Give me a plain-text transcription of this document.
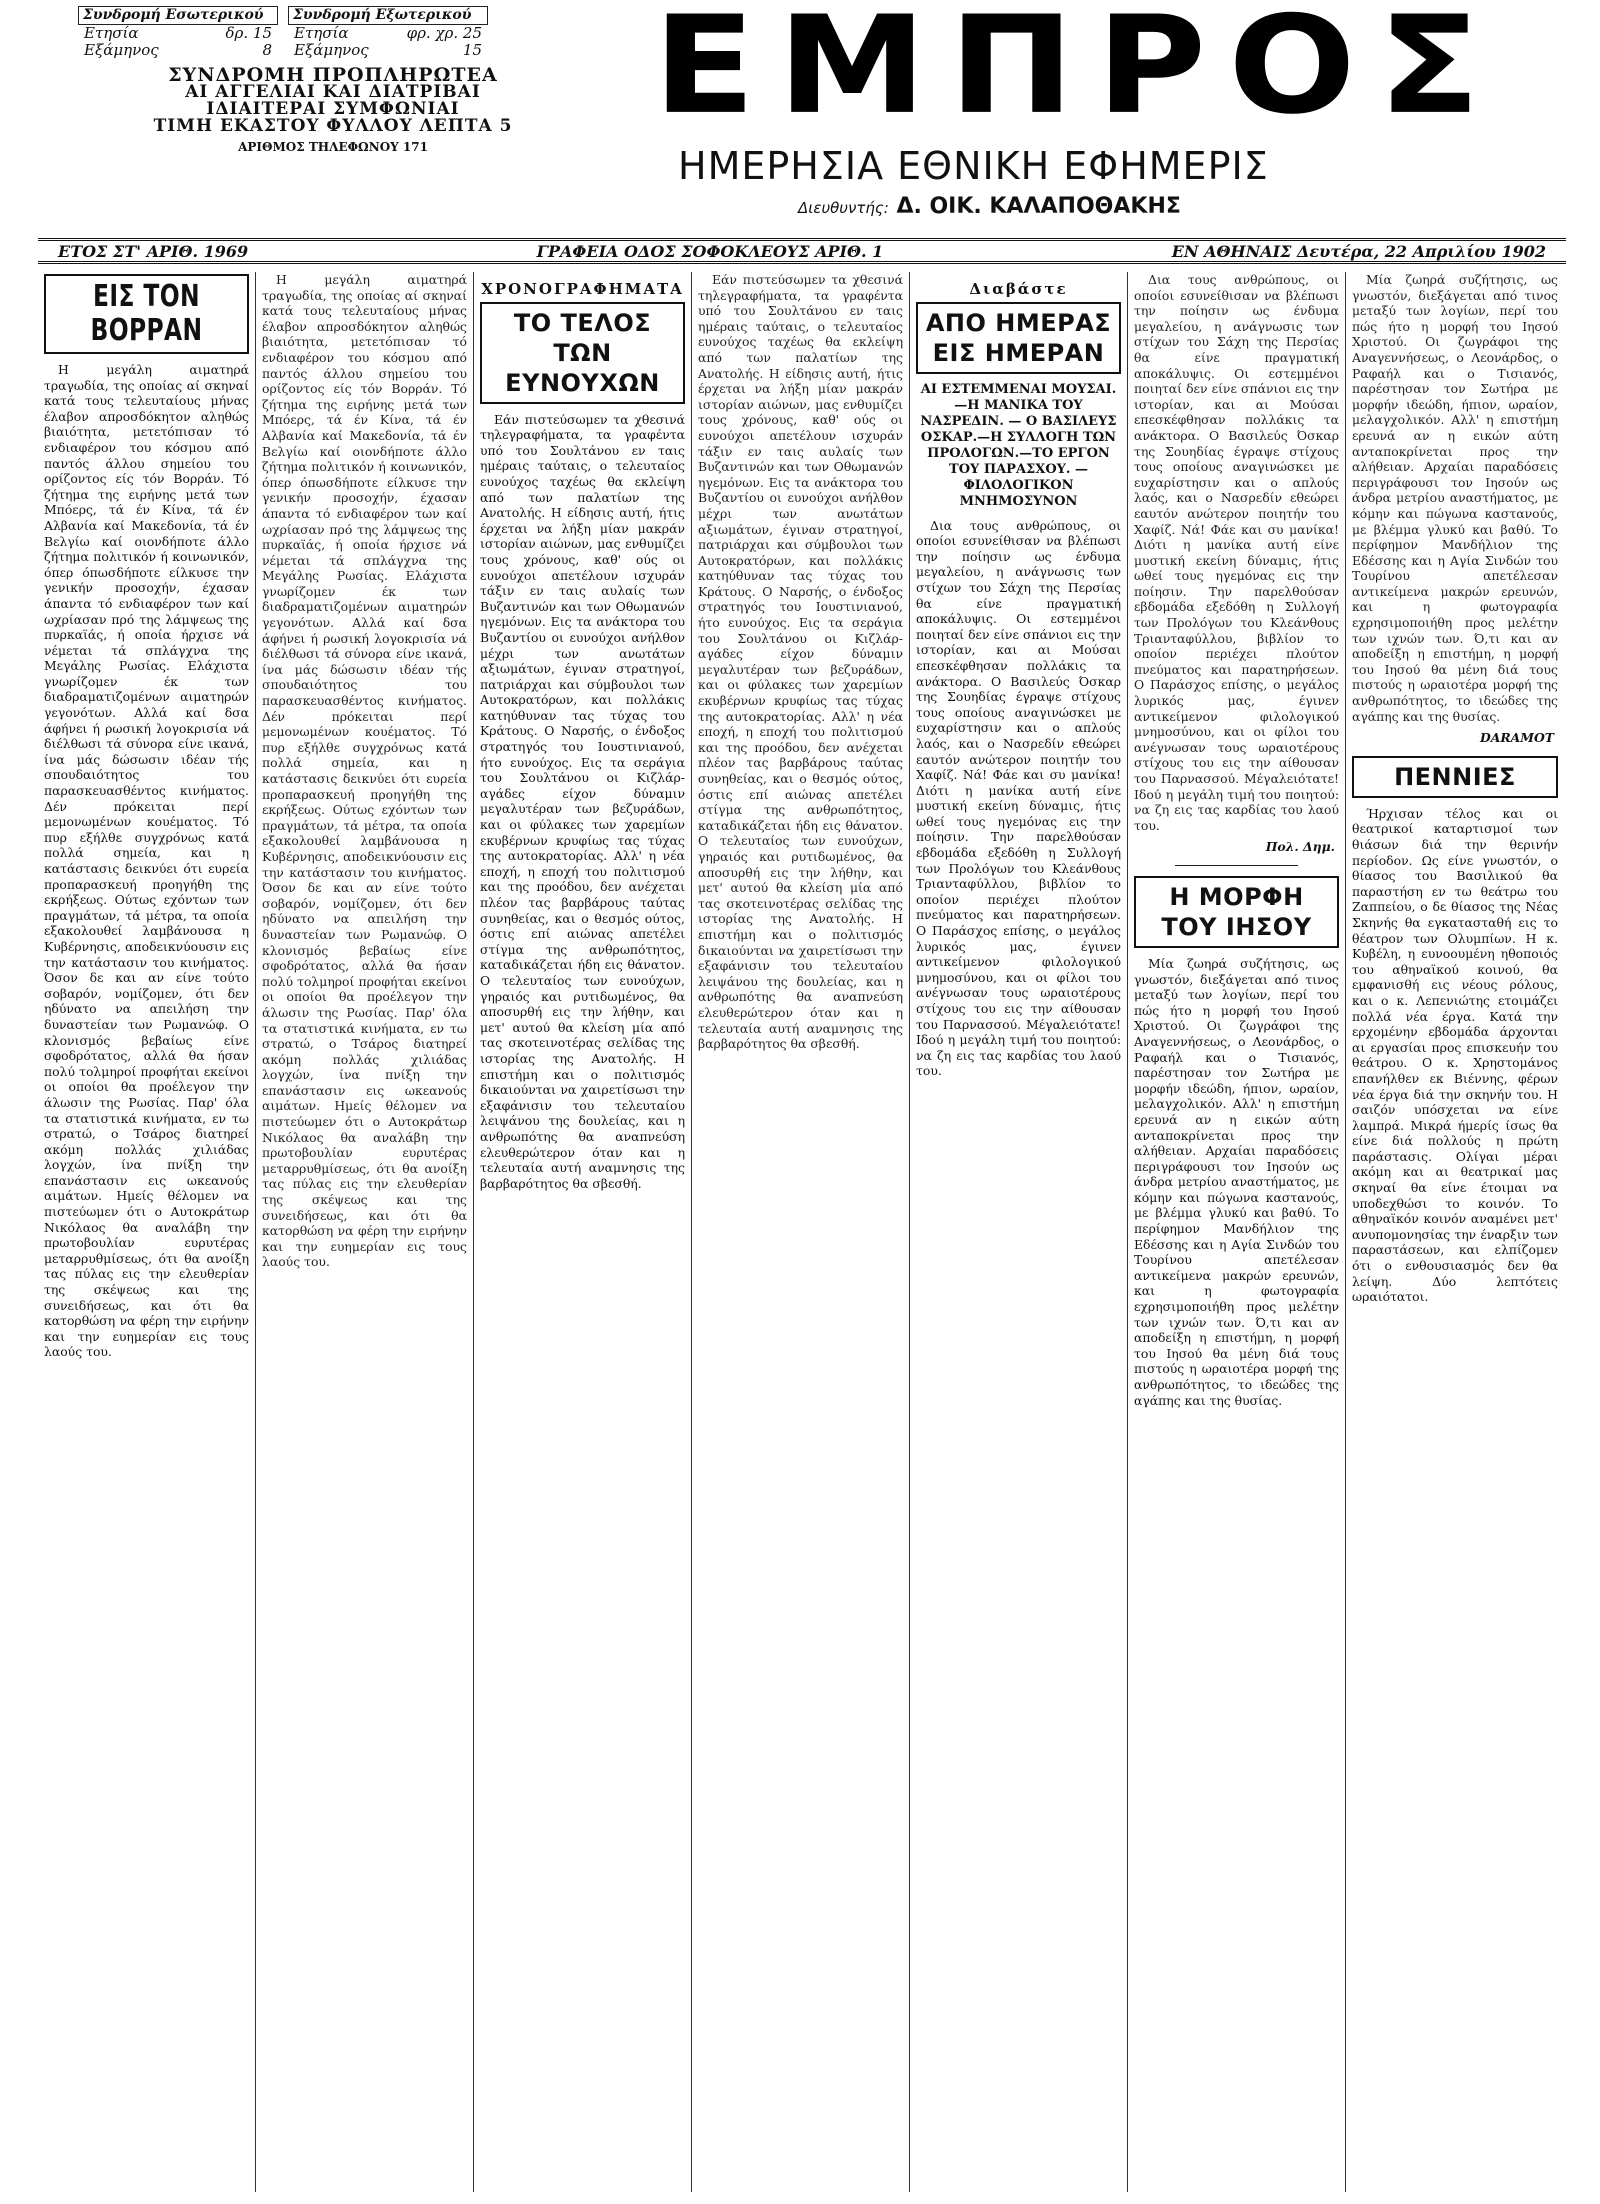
Συνδρομή Εσωτερικού
Ετησία	δρ. 15
Εξάμηνος	8
Συνδρομή Εξωτερικού
Ετησία	φρ. χρ. 25
Εξάμηνος	15
ΣΥΝΔΡΟΜΗ ΠΡΟΠΛΗΡΩΤΕΑ
ΑΙ ΑΓΓΕΛΙΑΙ ΚΑΙ ΔΙΑΤΡΙΒΑΙ
ΙΔΙΑΙΤΕΡΑΙ ΣΥΜΦΩΝΙΑΙ
ΤΙΜΗ ΕΚΑΣΤΟΥ ΦΥΛΛΟΥ ΛΕΠΤΑ 5
ΑΡΙΘΜΟΣ ΤΗΛΕΦΩΝΟΥ 171
ΕΜΠΡΟΣ
ΗΜΕΡΗΣΙΑ ΕΘΝΙΚΗ ΕΦΗΜΕΡΙΣ
Διευθυντής: Δ. ΟΙΚ. ΚΑΛΑΠΟΘΑΚΗΣ
ΕΤΟΣ ΣΤ' ΑΡΙΘ. 1969	ΓΡΑΦΕΙΑ ΟΔΟΣ ΣΟΦΟΚΛΕΟΥΣ ΑΡΙΘ. 1	ΕΝ ΑΘΗΝΑΙΣ Δευτέρα, 22 Απριλίου 1902
ΕΙΣ ΤΟΝ ΒΟΡΡΑΝ

Η μεγάλη αιματηρά τραγωδία, της οποίας αί σκηναί κατά τους τελευταίους μήνας έλαβον απροσδόκητον αληθώς βιαιότητα, μετετόπισαν τό ενδιαφέρον του κόσμου από παντός άλλου σημείου του ορίζοντος είς τόν Βορράν. Τό ζήτημα της ειρήνης μετά των Μπόερς, τά έν Κίνα, τά έν Αλβανία καί Μακεδονία, τά έν Βελγίω καί οιονδήποτε άλλο ζήτημα πολιτικόν ή κοινωνικόν, όπερ όπωσδήποτε είλκυσε την γενικήν προσοχήν, έχασαν άπαντα τό ενδιαφέρον των καί ωχρίασαν πρό της λάμψεως της πυρκαϊάς, ή οποία ήρχισε νά νέμεται τά σπλάγχνα της Μεγάλης Ρωσίας. Ελάχιστα γνωρίζομεν έκ των διαδραματιζομένων αιματηρών γεγονότων. Αλλά καί δσα άφήνει ή ρωσική λογοκρισία νά διέλθωσι τά σύνορα είνε ικανά, ίνα μάς δώσωσιν ιδέαν τής σπουδαιότητος του παρασκευασθέντος κινήματος. Δέν πρόκειται περί μεμονωμένων κουέματος. Τό πυρ εξήλθε συγχρόνως κατά πολλά σημεία, και η κατάστασις δεικνύει ότι ευρεία προπαρασκευή προηγήθη της εκρήξεως. Ούτως εχόντων των πραγμάτων, τά μέτρα, τα οποία εξακολουθεί λαμβάνουσα η Κυβέρνησις, αποδεικνύουσιν εις την κατάστασιν του κινήματος. Όσον δε και αν είνε τούτο σοβαρόν, νομίζομεν, ότι δεν ηδύνατο να απειλήση την δυναστείαν των Ρωμανώφ. Ο κλονισμός βεβαίως είνε σφοδρότατος, αλλά θα ήσαν πολύ τολμηροί προφήται εκείνοι οι οποίοι θα προέλεγον την άλωσιν της Ρωσίας. Παρ' όλα τα στατιστικά κινήματα, εν τω στρατώ, ο Τσάρος διατηρεί ακόμη πολλάς χιλιάδας λογχών, ίνα πνίξη την επανάστασιν εις ωκεανούς αιμάτων. Ημείς θέλομεν να πιστεύωμεν ότι ο Αυτοκράτωρ Νικόλαος θα αναλάβη την πρωτοβουλίαν ευρυτέρας μεταρρυθμίσεως, ότι θα ανοίξη τας πύλας εις την ελευθερίαν της σκέψεως και της συνειδήσεως, και ότι θα κατορθώση να φέρη την ειρήνην και την ευημερίαν εις τους λαούς του.

Η μεγάλη αιματηρά τραγωδία, της οποίας αί σκηναί κατά τους τελευταίους μήνας έλαβον απροσδόκητον αληθώς βιαιότητα, μετετόπισαν τό ενδιαφέρον του κόσμου από παντός άλλου σημείου του ορίζοντος είς τόν Βορράν. Τό ζήτημα της ειρήνης μετά των Μπόερς, τά έν Κίνα, τά έν Αλβανία καί Μακεδονία, τά έν Βελγίω καί οιονδήποτε άλλο ζήτημα πολιτικόν ή κοινωνικόν, όπερ όπωσδήποτε είλκυσε την γενικήν προσοχήν, έχασαν άπαντα τό ενδιαφέρον των καί ωχρίασαν πρό της λάμψεως της πυρκαϊάς, ή οποία ήρχισε νά νέμεται τά σπλάγχνα της Μεγάλης Ρωσίας. Ελάχιστα γνωρίζομεν έκ των διαδραματιζομένων αιματηρών γεγονότων. Αλλά καί δσα άφήνει ή ρωσική λογοκρισία νά διέλθωσι τά σύνορα είνε ικανά, ίνα μάς δώσωσιν ιδέαν τής σπουδαιότητος του παρασκευασθέντος κινήματος. Δέν πρόκειται περί μεμονωμένων κουέματος. Τό πυρ εξήλθε συγχρόνως κατά πολλά σημεία, και η κατάστασις δεικνύει ότι ευρεία προπαρασκευή προηγήθη της εκρήξεως. Ούτως εχόντων των πραγμάτων, τά μέτρα, τα οποία εξακολουθεί λαμβάνουσα η Κυβέρνησις, αποδεικνύουσιν εις την κατάστασιν του κινήματος. Όσον δε και αν είνε τούτο σοβαρόν, νομίζομεν, ότι δεν ηδύνατο να απειλήση την δυναστείαν των Ρωμανώφ. Ο κλονισμός βεβαίως είνε σφοδρότατος, αλλά θα ήσαν πολύ τολμηροί προφήται εκείνοι οι οποίοι θα προέλεγον την άλωσιν της Ρωσίας. Παρ' όλα τα στατιστικά κινήματα, εν τω στρατώ, ο Τσάρος διατηρεί ακόμη πολλάς χιλιάδας λογχών, ίνα πνίξη την επανάστασιν εις ωκεανούς αιμάτων. Ημείς θέλομεν να πιστεύωμεν ότι ο Αυτοκράτωρ Νικόλαος θα αναλάβη την πρωτοβουλίαν ευρυτέρας μεταρρυθμίσεως, ότι θα ανοίξη τας πύλας εις την ελευθερίαν της σκέψεως και της συνειδήσεως, και ότι θα κατορθώση να φέρη την ειρήνην και την ευημερίαν εις τους λαούς του.

ΧΡΟΝΟΓΡΑΦΗΜΑΤΑ
ΤΟ ΤΕΛΟΣ ΤΩΝ ΕΥΝΟΥΧΩΝ

Εάν πιστεύσωμεν τα χθεσινά τηλεγραφήματα, τα γραφέντα υπό του Σουλτάνου εν ταις ημέραις ταύταις, ο τελευταίος ευνούχος ταχέως θα εκλείψη από των παλατίων της Ανατολής. Η είδησις αυτή, ήτις έρχεται να λήξη μίαν μακράν ιστορίαν αιώνων, μας ενθυμίζει τους χρόνους, καθ' ούς οι ευνούχοι απετέλουν ισχυράν τάξιν εν ταις αυλαίς των Βυζαντινών και των Οθωμανών ηγεμόνων. Εις τα ανάκτορα του Βυζαντίου οι ευνούχοι ανήλθον μέχρι των ανωτάτων αξιωμάτων, έγιναν στρατηγοί, πατριάρχαι και σύμβουλοι των Αυτοκρατόρων, και πολλάκις κατηύθυναν τας τύχας του Κράτους. Ο Ναρσής, ο ένδοξος στρατηγός του Ιουστινιανού, ήτο ευνούχος. Εις τα σεράγια του Σουλτάνου οι Κιζλάρ-αγάδες είχον δύναμιν μεγαλυτέραν των βεζυράδων, και οι φύλακες των χαρεμίων εκυβέρνων κρυφίως τας τύχας της αυτοκρατορίας. Αλλ' η νέα εποχή, η εποχή του πολιτισμού και της προόδου, δεν ανέχεται πλέον τας βαρβάρους ταύτας συνηθείας, και ο θεσμός ούτος, όστις επί αιώνας απετέλει στίγμα της ανθρωπότητος, καταδικάζεται ήδη εις θάνατον. Ο τελευταίος των ευνούχων, γηραιός και ρυτιδωμένος, θα αποσυρθή εις την λήθην, και μετ' αυτού θα κλείση μία από τας σκοτεινοτέρας σελίδας της ιστορίας της Ανατολής. Η επιστήμη και ο πολιτισμός δικαιούνται να χαιρετίσωσι την εξαφάνισιν του τελευταίου λειψάνου της δουλείας, και η ανθρωπότης θα αναπνεύση ελευθερώτερον όταν και η τελευταία αυτή αναμνησις της βαρβαρότητος θα σβεσθή.

Εάν πιστεύσωμεν τα χθεσινά τηλεγραφήματα, τα γραφέντα υπό του Σουλτάνου εν ταις ημέραις ταύταις, ο τελευταίος ευνούχος ταχέως θα εκλείψη από των παλατίων της Ανατολής. Η είδησις αυτή, ήτις έρχεται να λήξη μίαν μακράν ιστορίαν αιώνων, μας ενθυμίζει τους χρόνους, καθ' ούς οι ευνούχοι απετέλουν ισχυράν τάξιν εν ταις αυλαίς των Βυζαντινών και των Οθωμανών ηγεμόνων. Εις τα ανάκτορα του Βυζαντίου οι ευνούχοι ανήλθον μέχρι των ανωτάτων αξιωμάτων, έγιναν στρατηγοί, πατριάρχαι και σύμβουλοι των Αυτοκρατόρων, και πολλάκις κατηύθυναν τας τύχας του Κράτους. Ο Ναρσής, ο ένδοξος στρατηγός του Ιουστινιανού, ήτο ευνούχος. Εις τα σεράγια του Σουλτάνου οι Κιζλάρ-αγάδες είχον δύναμιν μεγαλυτέραν των βεζυράδων, και οι φύλακες των χαρεμίων εκυβέρνων κρυφίως τας τύχας της αυτοκρατορίας. Αλλ' η νέα εποχή, η εποχή του πολιτισμού και της προόδου, δεν ανέχεται πλέον τας βαρβάρους ταύτας συνηθείας, και ο θεσμός ούτος, όστις επί αιώνας απετέλει στίγμα της ανθρωπότητος, καταδικάζεται ήδη εις θάνατον. Ο τελευταίος των ευνούχων, γηραιός και ρυτιδωμένος, θα αποσυρθή εις την λήθην, και μετ' αυτού θα κλείση μία από τας σκοτεινοτέρας σελίδας της ιστορίας της Ανατολής. Η επιστήμη και ο πολιτισμός δικαιούνται να χαιρετίσωσι την εξαφάνισιν του τελευταίου λειψάνου της δουλείας, και η ανθρωπότης θα αναπνεύση ελευθερώτερον όταν και η τελευταία αυτή αναμνησις της βαρβαρότητος θα σβεσθή.

Διαβάστε
ΑΠΟ ΗΜΕΡΑΣ ΕΙΣ ΗΜΕΡΑΝ
ΑΙ ΕΣΤΕΜΜΕΝΑΙ ΜΟΥΣΑΙ.—Η ΜΑΝΙΚΑ ΤΟΥ ΝΑΣΡΕΔΙΝ. — Ο ΒΑΣΙΛΕΥΣ ΟΣΚΑΡ.—Η ΣΥΛΛΟΓΗ ΤΩΝ ΠΡΟΛΟΓΩΝ.—ΤΟ ΕΡΓΟΝ ΤΟΥ ΠΑΡΑΣΧΟΥ. — ΦΙΛΟΛΟΓΙΚΟΝ ΜΝΗΜΟΣΥΝΟΝ

Δια τους ανθρώπους, οι οποίοι εσυνείθισαν να βλέπωσι την ποίησιν ως ένδυμα μεγαλείου, η ανάγνωσις των στίχων του Σάχη της Περσίας θα είνε πραγματική αποκάλυψις. Οι εστεμμένοι ποιηταί δεν είνε σπάνιοι εις την ιστορίαν, και αι Μούσαι επεσκέφθησαν πολλάκις τα ανάκτορα. Ο Βασιλεύς Όσκαρ της Σουηδίας έγραψε στίχους τους οποίους αναγινώσκει με ευχαρίστησιν και ο απλούς λαός, και ο Νασρεδίν εθεώρει εαυτόν ανώτερον ποιητήν του Χαφίζ. Νά! Φάε και συ μανίκα! Διότι η μανίκα αυτή είνε μυστική εκείνη δύναμις, ήτις ωθεί τους ηγεμόνας εις την ποίησιν. Την παρελθούσαν εβδομάδα εξεδόθη η Συλλογή των Προλόγων του Κλεάνθους Τριανταφύλλου, βιβλίον το οποίον περιέχει πλούτον πνεύματος και παρατηρήσεων. Ο Παράσχος επίσης, ο μεγάλος λυρικός μας, έγινεν αντικείμενον φιλολογικού μνημοσύνου, και οι φίλοι του ανέγνωσαν τους ωραιοτέρους στίχους του εις την αίθουσαν του Παρνασσού. Μέγαλειότατε! Ιδού η μεγάλη τιμή του ποιητού: να ζη εις τας καρδίας του λαού του.

Δια τους ανθρώπους, οι οποίοι εσυνείθισαν να βλέπωσι την ποίησιν ως ένδυμα μεγαλείου, η ανάγνωσις των στίχων του Σάχη της Περσίας θα είνε πραγματική αποκάλυψις. Οι εστεμμένοι ποιηταί δεν είνε σπάνιοι εις την ιστορίαν, και αι Μούσαι επεσκέφθησαν πολλάκις τα ανάκτορα. Ο Βασιλεύς Όσκαρ της Σουηδίας έγραψε στίχους τους οποίους αναγινώσκει με ευχαρίστησιν και ο απλούς λαός, και ο Νασρεδίν εθεώρει εαυτόν ανώτερον ποιητήν του Χαφίζ. Νά! Φάε και συ μανίκα! Διότι η μανίκα αυτή είνε μυστική εκείνη δύναμις, ήτις ωθεί τους ηγεμόνας εις την ποίησιν. Την παρελθούσαν εβδομάδα εξεδόθη η Συλλογή των Προλόγων του Κλεάνθους Τριανταφύλλου, βιβλίον το οποίον περιέχει πλούτον πνεύματος και παρατηρήσεων. Ο Παράσχος επίσης, ο μεγάλος λυρικός μας, έγινεν αντικείμενον φιλολογικού μνημοσύνου, και οι φίλοι του ανέγνωσαν τους ωραιοτέρους στίχους του εις την αίθουσαν του Παρνασσού. Μέγαλειότατε! Ιδού η μεγάλη τιμή του ποιητού: να ζη εις τας καρδίας του λαού του.

Πολ. Δημ.
Η ΜΟΡΦΗ ΤΟΥ ΙΗΣΟΥ

Μία ζωηρά συζήτησις, ως γνωστόν, διεξάγεται από τινος μεταξύ των λογίων, περί του πώς ήτο η μορφή του Ιησού Χριστού. Οι ζωγράφοι της Αναγεννήσεως, ο Λεονάρδος, ο Ραφαήλ και ο Τισιανός, παρέστησαν τον Σωτήρα με μορφήν ιδεώδη, ήπιον, ωραίον, μελαγχολικόν. Αλλ' η επιστήμη ερευνά αν η εικών αύτη ανταποκρίνεται προς την αλήθειαν. Αρχαίαι παραδόσεις περιγράφουσι τον Ιησούν ως άνδρα μετρίου αναστήματος, με κόμην και πώγωνα καστανούς, με βλέμμα γλυκύ και βαθύ. Το περίφημον Μανδήλιον της Εδέσσης και η Αγία Σινδών του Τουρίνου απετέλεσαν αντικείμενα μακρών ερευνών, και η φωτογραφία εχρησιμοποιήθη προς μελέτην των ιχνών των. Ό,τι και αν αποδείξη η επιστήμη, η μορφή του Ιησού θα μένη διά τους πιστούς η ωραιοτέρα μορφή της ανθρωπότητος, το ιδεώδες της αγάπης και της θυσίας.

Μία ζωηρά συζήτησις, ως γνωστόν, διεξάγεται από τινος μεταξύ των λογίων, περί του πώς ήτο η μορφή του Ιησού Χριστού. Οι ζωγράφοι της Αναγεννήσεως, ο Λεονάρδος, ο Ραφαήλ και ο Τισιανός, παρέστησαν τον Σωτήρα με μορφήν ιδεώδη, ήπιον, ωραίον, μελαγχολικόν. Αλλ' η επιστήμη ερευνά αν η εικών αύτη ανταποκρίνεται προς την αλήθειαν. Αρχαίαι παραδόσεις περιγράφουσι τον Ιησούν ως άνδρα μετρίου αναστήματος, με κόμην και πώγωνα καστανούς, με βλέμμα γλυκύ και βαθύ. Το περίφημον Μανδήλιον της Εδέσσης και η Αγία Σινδών του Τουρίνου απετέλεσαν αντικείμενα μακρών ερευνών, και η φωτογραφία εχρησιμοποιήθη προς μελέτην των ιχνών των. Ό,τι και αν αποδείξη η επιστήμη, η μορφή του Ιησού θα μένη διά τους πιστούς η ωραιοτέρα μορφή της ανθρωπότητος, το ιδεώδες της αγάπης και της θυσίας.

DARAMOT
ΠΕΝΝΙΕΣ

Ήρχισαν τέλος και οι θεατρικοί καταρτισμοί των θιάσων διά την θερινήν περίοδον. Ως είνε γνωστόν, ο θίασος του Βασιλικού θα παραστήση εν τω θεάτρω του Ζαππείου, ο δε θίασος της Νέας Σκηνής θα εγκατασταθή εις το θέατρον των Ολυμπίων. Η κ. Κυβέλη, η ευνοουμένη ηθοποιός του αθηναϊκού κοινού, θα εμφανισθή εις νέους ρόλους, και ο κ. Λεπενιώτης ετοιμάζει πολλά νέα έργα. Κατά την ερχομένην εβδομάδα άρχονται αι εργασίαι προς επισκευήν του θεάτρου. Ο κ. Χρηστομάνος επανήλθεν εκ Βιέννης, φέρων νέα έργα διά την σκηνήν του. Η σαιζόν υπόσχεται να είνε λαμπρά. Μικρά ήμερίς ίσως θα είνε διά πολλούς η πρώτη παράστασις. Ολίγαι μέραι ακόμη και αι θεατρικαί μας σκηναί θα είνε έτοιμαι να υποδεχθώσι το κοινόν. Το αθηναϊκόν κοινόν αναμένει μετ' ανυπομονησίας την έναρξιν των παραστάσεων, και ελπίζομεν ότι ο ενθουσιασμός δεν θα λείψη. Δύο λεπτότεις ωραιότατοι.
